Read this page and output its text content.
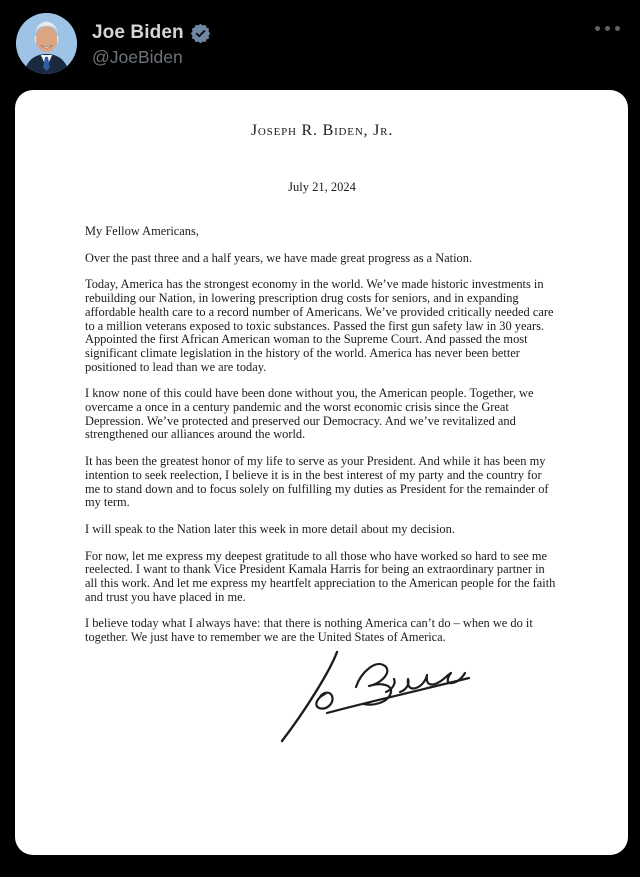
Joe Biden
@JoeBiden
Joseph R. Biden, Jr.
July 21, 2024

My Fellow Americans,

Over the past three and a half years, we have made great progress as a Nation.

Today, America has the strongest economy in the world. We’ve made historic investments in rebuilding our Nation, in lowering prescription drug costs for seniors, and in expanding affordable health care to a record number of Americans. We’ve provided critically needed care to a million veterans exposed to toxic substances. Passed the first gun safety law in 30 years. Appointed the first African American woman to the Supreme Court. And passed the most significant climate legislation in the history of the world. America has never been better positioned to lead than we are today.

I know none of this could have been done without you, the American people. Together, we overcame a once in a century pandemic and the worst economic crisis since the Great Depression. We’ve protected and preserved our Democracy. And we’ve revitalized and strengthened our alliances around the world.

It has been the greatest honor of my life to serve as your President. And while it has been my intention to seek reelection, I believe it is in the best interest of my party and the country for me to stand down and to focus solely on fulfilling my duties as President for the remainder of my term.

I will speak to the Nation later this week in more detail about my decision.

For now, let me express my deepest gratitude to all those who have worked so hard to see me reelected. I want to thank Vice President Kamala Harris for being an extraordinary partner in all this work. And let me express my heartfelt appreciation to the American people for the faith and trust you have placed in me.

I believe today what I always have: that there is nothing America can’t do – when we do it together. We just have to remember we are the United States of America.
